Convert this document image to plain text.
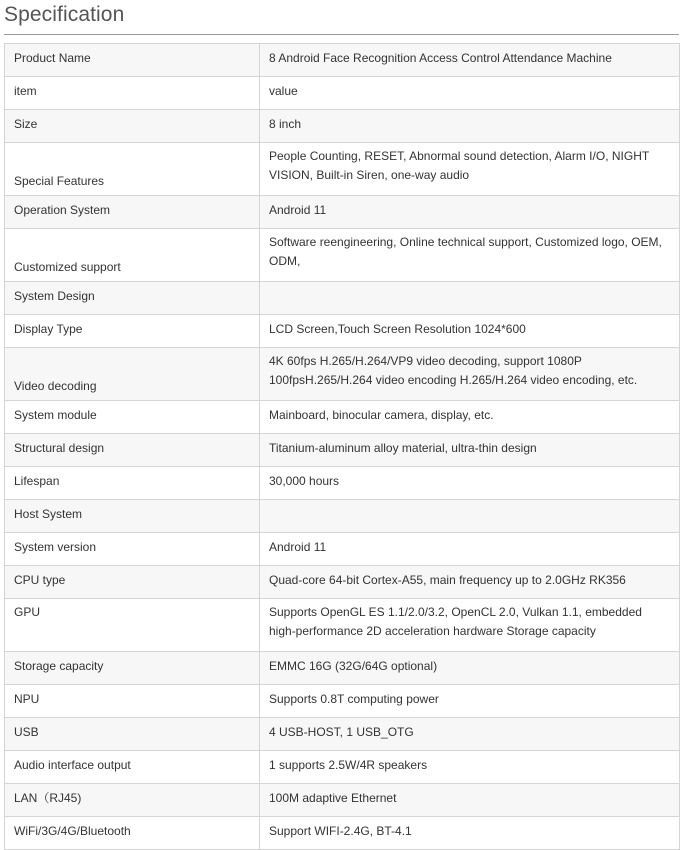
Specification
Product Name	8 Android Face Recognition Access Control Attendance Machine
item	value
Size	8 inch
Special Features	People Counting, RESET, Abnormal sound detection, Alarm I/O, NIGHT VISION, Built-in Siren, one-way audio
Operation System	Android 11
Customized support	Software reengineering, Online technical support, Customized logo, OEM, ODM,
System Design	
Display Type	LCD Screen,Touch Screen Resolution 1024*600
Video decoding	4K 60fps H.265/H.264/VP9 video decoding, support 1080P 100fpsH.265/H.264 video encoding H.265/H.264 video encoding, etc.
System module	Mainboard, binocular camera, display, etc.
Structural design	Titanium-aluminum alloy material, ultra-thin design
Lifespan	30,000 hours
Host System	
System version	Android 11
CPU type	Quad-core 64-bit Cortex-A55, main frequency up to 2.0GHz RK356
GPU	Supports OpenGL ES 1.1/2.0/3.2, OpenCL 2.0, Vulkan 1.1, embedded high-performance 2D acceleration hardware Storage capacity
Storage capacity	EMMC 16G (32G/64G optional)
NPU	Supports 0.8T computing power
USB	4 USB-HOST, 1 USB_OTG
Audio interface output	1 supports 2.5W/4R speakers
LAN（RJ45)	100M adaptive Ethernet
WiFi/3G/4G/Bluetooth	Support WIFI-2.4G, BT-4.1
